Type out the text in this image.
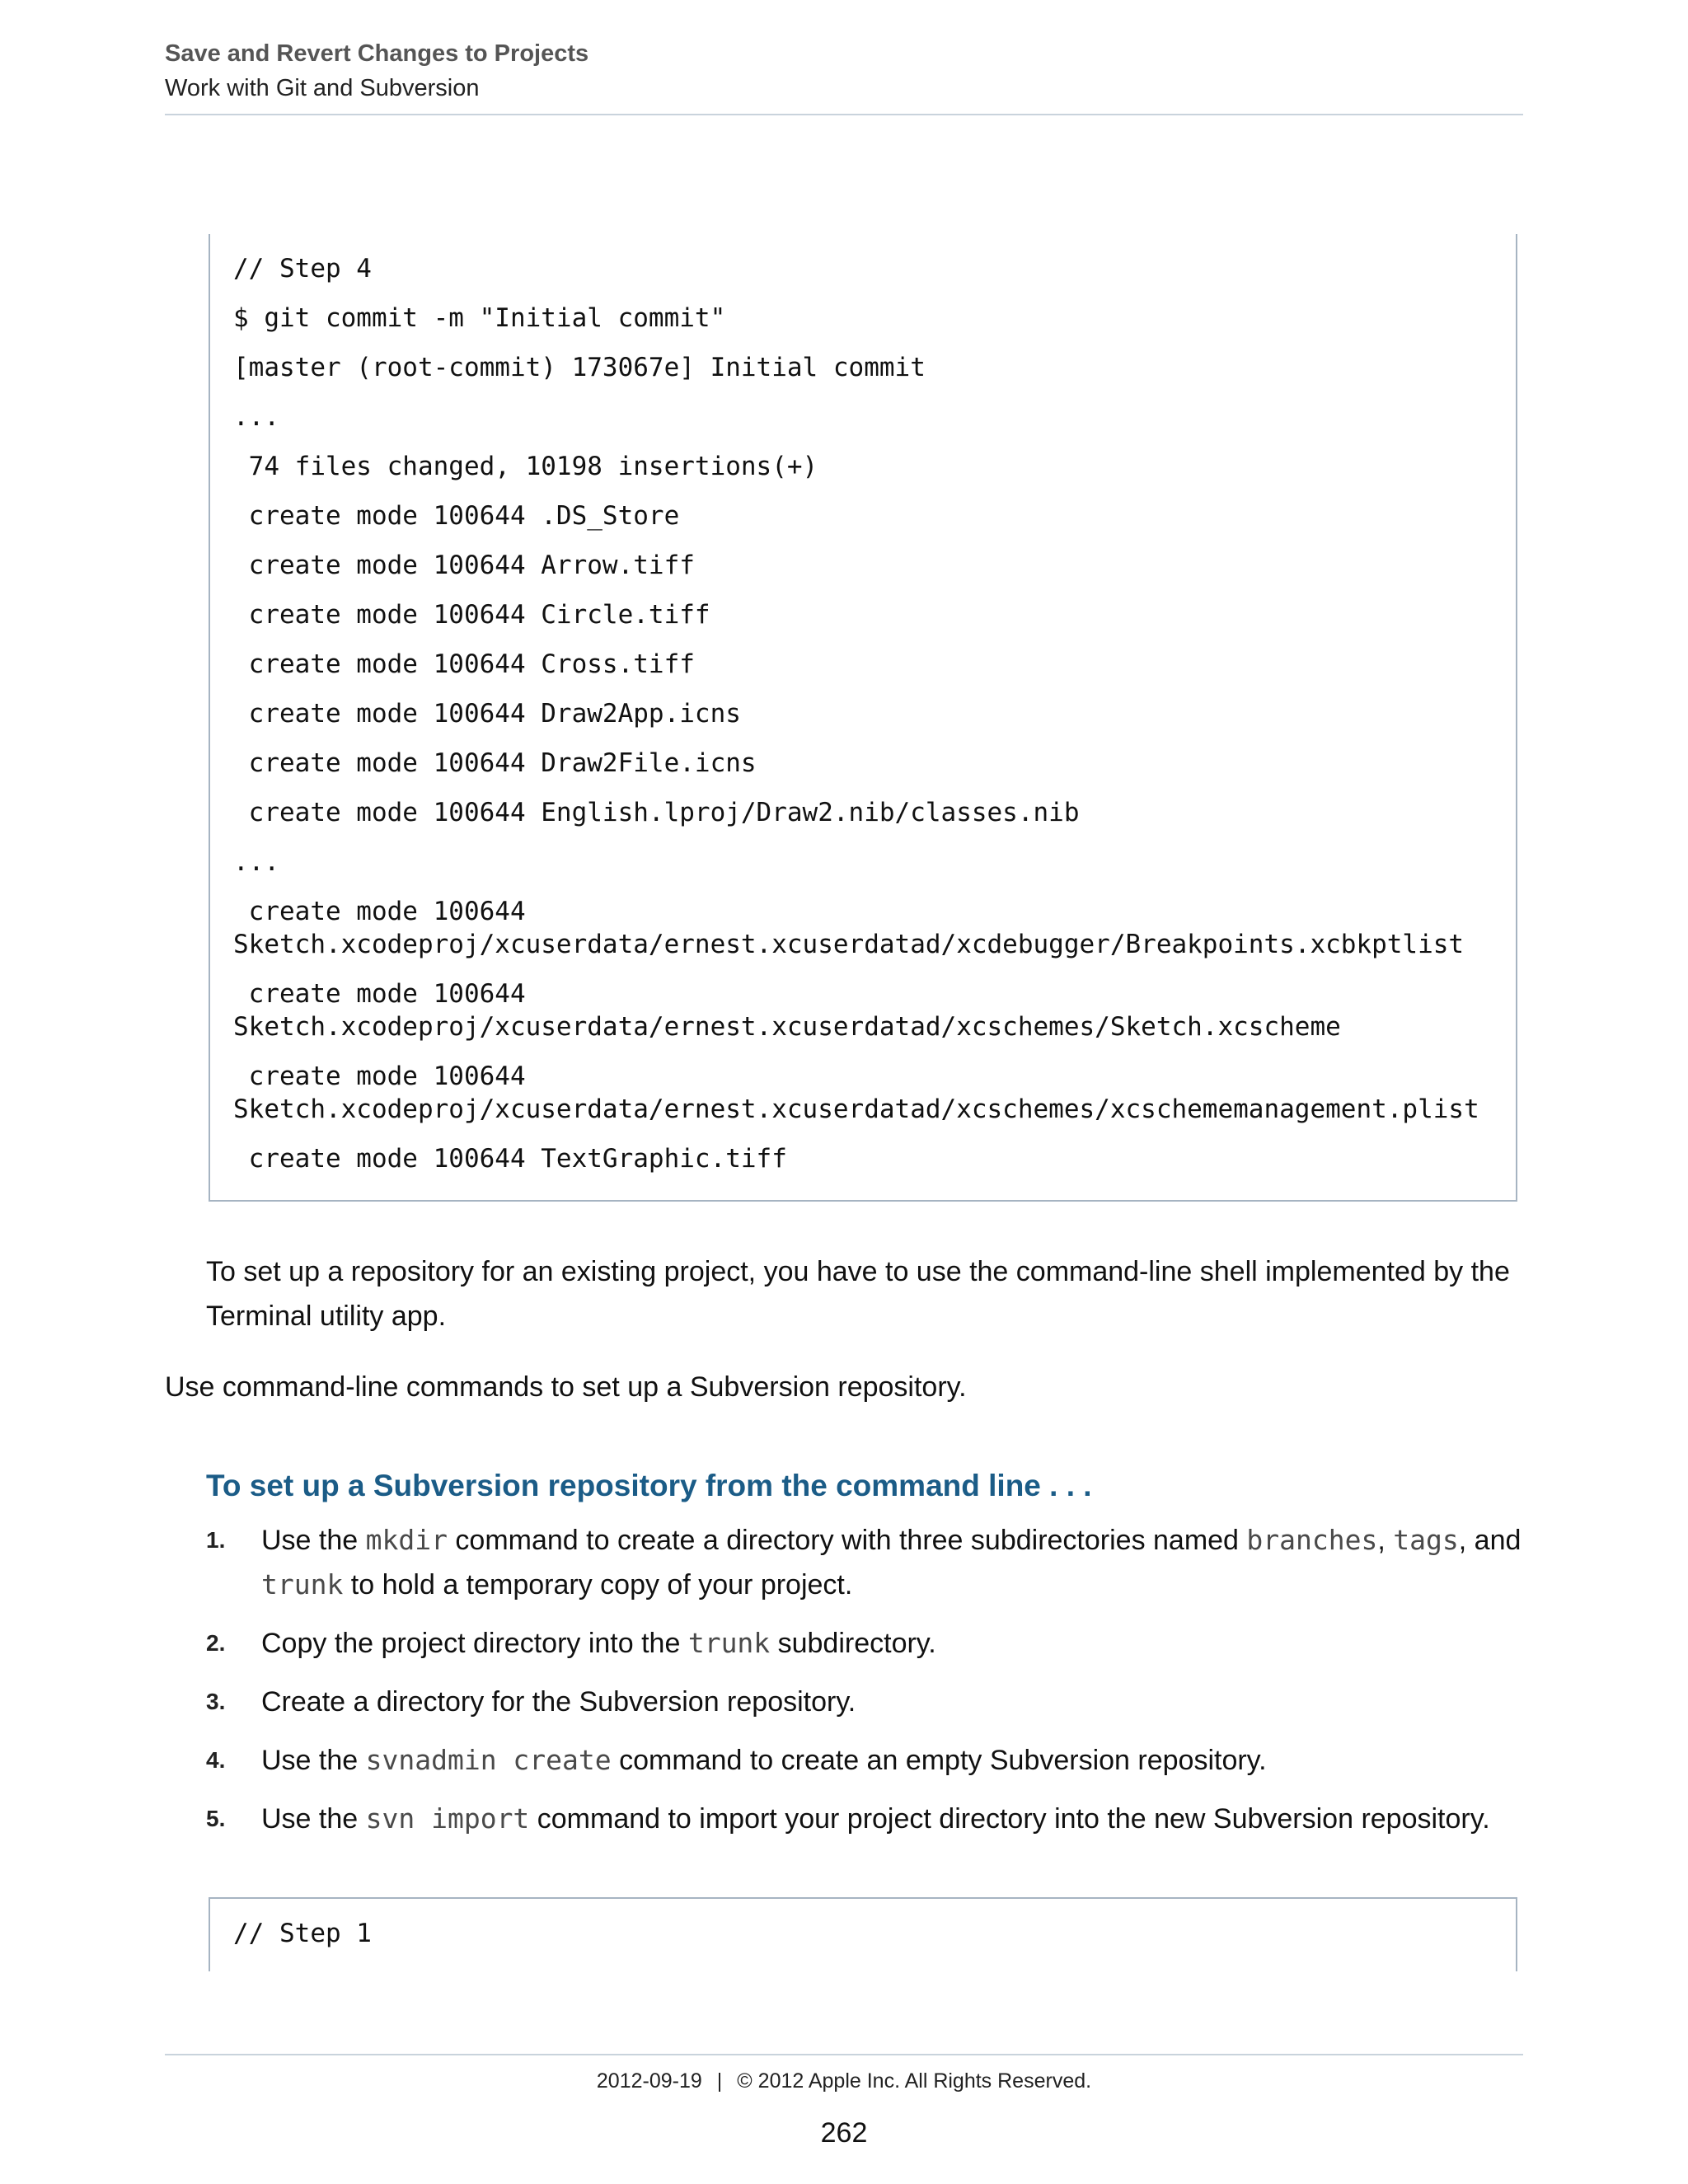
Save and Revert Changes to Projects
Work with Git and Subversion
// Step 4
$ git commit -m "Initial commit"
[master (root-commit) 173067e] Initial commit
...
74 files changed, 10198 insertions(+)
create mode 100644 .DS_Store
create mode 100644 Arrow.tiff
create mode 100644 Circle.tiff
create mode 100644 Cross.tiff
create mode 100644 Draw2App.icns
create mode 100644 Draw2File.icns
create mode 100644 English.lproj/Draw2.nib/classes.nib
...
create mode 100644
Sketch.xcodeproj/xcuserdata/ernest.xcuserdatad/xcdebugger/Breakpoints.xcbkptlist
create mode 100644
Sketch.xcodeproj/xcuserdata/ernest.xcuserdatad/xcschemes/Sketch.xcscheme
create mode 100644
Sketch.xcodeproj/xcuserdata/ernest.xcuserdatad/xcschemes/xcschememanagement.plist
create mode 100644 TextGraphic.tiff
To set up a repository for an existing project, you have to use the command-line shell implemented by the Terminal utility app.
Use command-line commands to set up a Subversion repository.
To set up a Subversion repository from the command line . . .
1. Use the mkdir command to create a directory with three subdirectories named branches, tags, and trunk to hold a temporary copy of your project.
2. Copy the project directory into the trunk subdirectory.
3. Create a directory for the Subversion repository.
4. Use the svnadmin create command to create an empty Subversion repository.
5. Use the svn import command to import your project directory into the new Subversion repository.
// Step 1
2012-09-19 | © 2012 Apple Inc. All Rights Reserved.
262
